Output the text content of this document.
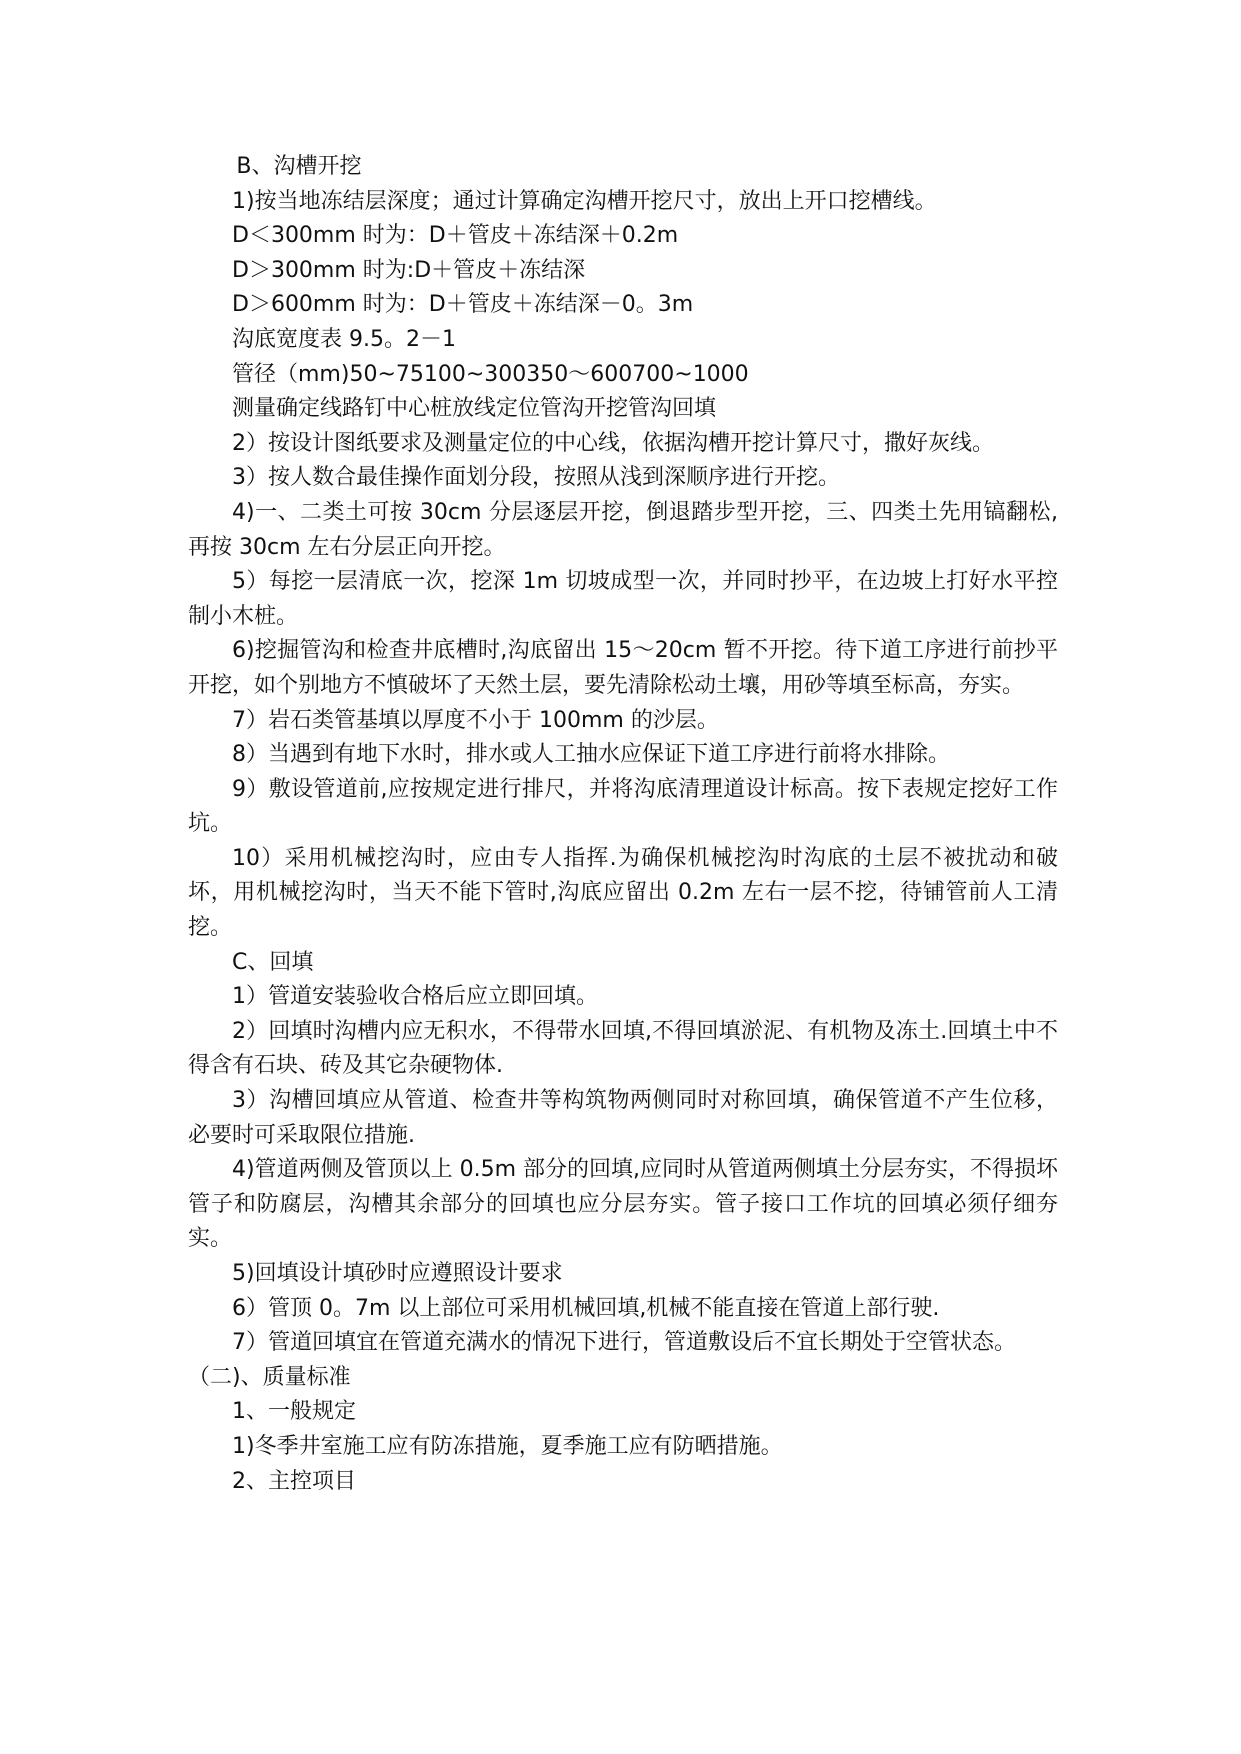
B、沟槽开挖

1)按当地冻结层深度；通过计算确定沟槽开挖尺寸，放出上开口挖槽线。

D＜300mm 时为：D＋管皮＋冻结深＋0.2m

D＞300mm 时为:D＋管皮＋冻结深

D＞600mm 时为：D＋管皮＋冻结深－0。3m

沟底宽度表 9.5。2－1

管径（mm)50~75100~300350～600700~1000

测量确定线路钉中心桩放线定位管沟开挖管沟回填

2）按设计图纸要求及测量定位的中心线，依据沟槽开挖计算尺寸，撒好灰线。

3）按人数合最佳操作面划分段，按照从浅到深顺序进行开挖。

4)一、二类土可按 30cm 分层逐层开挖，倒退踏步型开挖，三、四类土先用镐翻松,再按 30cm 左右分层正向开挖。

5）每挖一层清底一次，挖深 1m 切坡成型一次，并同时抄平，在边坡上打好水平控制小木桩。

6)挖掘管沟和检查井底槽时,沟底留出 15～20cm 暂不开挖。待下道工序进行前抄平开挖，如个别地方不慎破坏了天然土层，要先清除松动土壤，用砂等填至标高，夯实。

7）岩石类管基填以厚度不小于 100mm 的沙层。

8）当遇到有地下水时，排水或人工抽水应保证下道工序进行前将水排除。

9）敷设管道前,应按规定进行排尺，并将沟底清理道设计标高。按下表规定挖好工作坑。

10）采用机械挖沟时，应由专人指挥.为确保机械挖沟时沟底的土层不被扰动和破坏，用机械挖沟时，当天不能下管时,沟底应留出 0.2m 左右一层不挖，待铺管前人工清挖。

C、回填

1）管道安装验收合格后应立即回填。

2）回填时沟槽内应无积水，不得带水回填,不得回填淤泥、有机物及冻土.回填土中不得含有石块、砖及其它杂硬物体.

3）沟槽回填应从管道、检查井等构筑物两侧同时对称回填，确保管道不产生位移，必要时可采取限位措施.

4)管道两侧及管顶以上 0.5m 部分的回填,应同时从管道两侧填土分层夯实，不得损坏管子和防腐层，沟槽其余部分的回填也应分层夯实。管子接口工作坑的回填必须仔细夯实。

5)回填设计填砂时应遵照设计要求

6）管顶 0。7m 以上部位可采用机械回填,机械不能直接在管道上部行驶.

7）管道回填宜在管道充满水的情况下进行，管道敷设后不宜长期处于空管状态。

（二)、质量标准

1、一般规定

1)冬季井室施工应有防冻措施，夏季施工应有防晒措施。

2、主控项目
